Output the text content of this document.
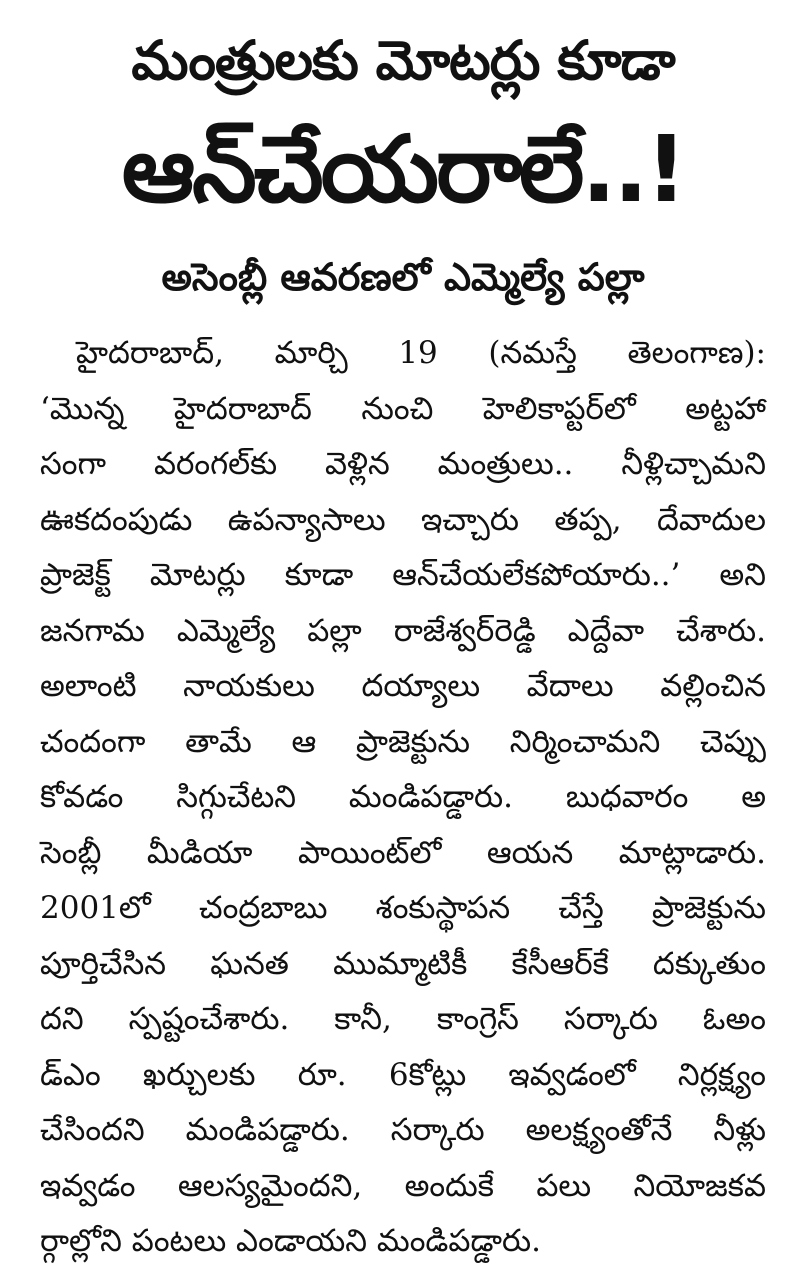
మంత్రులకు మోటర్లు కూడా
ఆన్‌చేయరాలే..!
అసెంబ్లీ ఆవరణలో ఎమ్మెల్యే పల్లా
హైదరాబాద్, మార్చి 19 (నమస్తే తెలంగాణ):
‘మొన్న హైదరాబాద్ నుంచి హెలికాప్టర్‌లో అట్టహా
సంగా వరంగల్‌కు వెళ్లిన మంత్రులు.. నీళ్లిచ్చామని
ఊకదంపుడు ఉపన్యాసాలు ఇచ్చారు తప్ప, దేవాదుల
ప్రాజెక్ట్ మోటర్లు కూడా ఆన్‌చేయలేకపోయారు..’ అని
జనగామ ఎమ్మెల్యే పల్లా రాజేశ్వర్‌రెడ్డి ఎద్దేవా చేశారు.
అలాంటి నాయకులు దయ్యాలు వేదాలు వల్లించిన
చందంగా తామే ఆ ప్రాజెక్టును నిర్మించామని చెప్పు
కోవడం సిగ్గుచేటని మండిపడ్డారు. బుధవారం అ
సెంబ్లీ మీడియా పాయింట్‌లో ఆయన మాట్లాడారు.
2001లో చంద్రబాబు శంకుస్థాపన చేస్తే ప్రాజెక్టును
పూర్తిచేసిన ఘనత ముమ్మాటికీ కేసీఆర్‌కే దక్కుతుం
దని స్పష్టంచేశారు. కానీ, కాంగ్రెస్ సర్కారు ఓఅం
డ్‌ఎం ఖర్చులకు రూ. 6కోట్లు ఇవ్వడంలో నిర్లక్ష్యం
చేసిందని మండిపడ్డారు. సర్కారు అలక్ష్యంతోనే నీళ్లు
ఇవ్వడం ఆలస్యమైందని, అందుకే పలు నియోజకవ
ర్గాల్లోని పంటలు ఎండాయని మండిపడ్డారు.
